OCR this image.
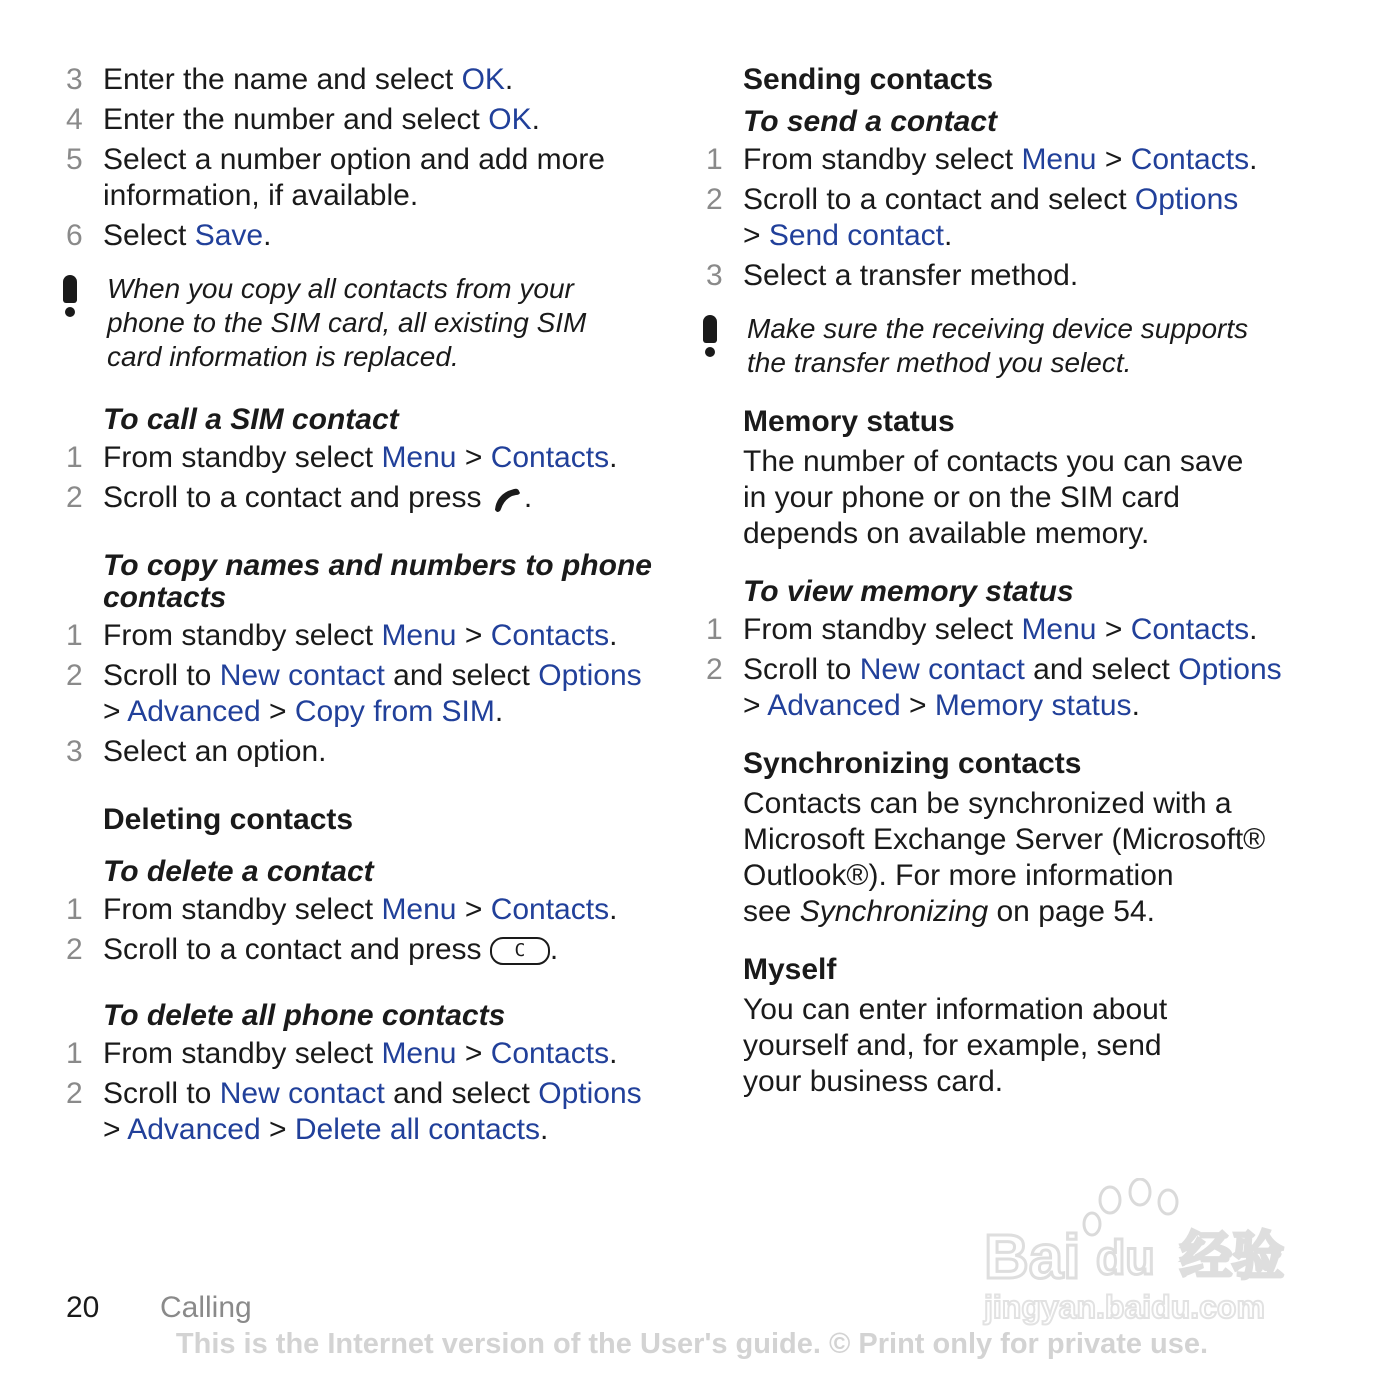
3 Enter the name and select OK.
4 Enter the number and select OK.
5 Select a number option and add more
information, if available.
6 Select Save.
When you copy all contacts from your
phone to the SIM card, all existing SIM
card information is replaced.
To call a SIM contact
1 From standby select Menu > Contacts.
2 Scroll to a contact and press .
To copy names and numbers to phone
contacts
1 From standby select Menu > Contacts.
2 Scroll to New contact and select Options
> Advanced > Copy from SIM.
3 Select an option.
Deleting contacts
To delete a contact
1 From standby select Menu > Contacts.
2 Scroll to a contact and press C .
To delete all phone contacts
1 From standby select Menu > Contacts.
2 Scroll to New contact and select Options
> Advanced > Delete all contacts.
Sending contacts
To send a contact
1 From standby select Menu > Contacts.
2 Scroll to a contact and select Options
> Send contact.
3 Select a transfer method.
Make sure the receiving device supports
the transfer method you select.
Memory status
The number of contacts you can save
in your phone or on the SIM card
depends on available memory.
To view memory status
1 From standby select Menu > Contacts.
2 Scroll to New contact and select Options
> Advanced > Memory status.
Synchronizing contacts
Contacts can be synchronized with a
Microsoft Exchange Server (Microsoft®
Outlook®). For more information
see Synchronizing on page 54.
Myself
You can enter information about
yourself and, for example, send
your business card.
Bai du 经验
jingyan.baidu.com
20 Calling
This is the Internet version of the User's guide. © Print only for private use.
